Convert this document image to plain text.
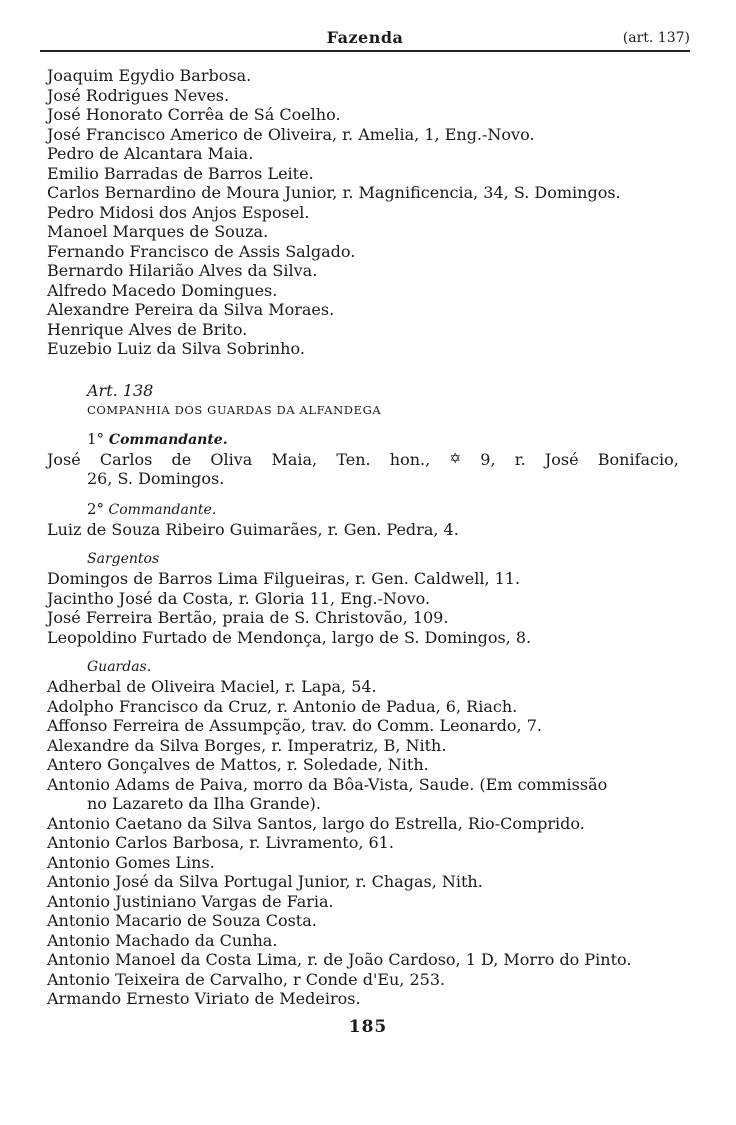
Fazenda	(art. 137)
Joaquim Egydio Barbosa.
José Rodrigues Neves.
José Honorato Corrêa de Sá Coelho.
José Francisco Americo de Oliveira, r. Amelia, 1, Eng.-Novo.
Pedro de Alcantara Maia.
Emilio Barradas de Barros Leite.
Carlos Bernardino de Moura Junior, r. Magnificencia, 34, S. Domingos.
Pedro Midosi dos Anjos Esposel.
Manoel Marques de Souza.
Fernando Francisco de Assis Salgado.
Bernardo Hilarião Alves da Silva.
Alfredo Macedo Domingues.
Alexandre Pereira da Silva Moraes.
Henrique Alves de Brito.
Euzebio Luiz da Silva Sobrinho.
Art. 138
COMPANHIA DOS GUARDAS DA ALFANDEGA
1° Commandante.
José Carlos de Oliva Maia, Ten. hon., ✡ 9, r. José Bonifacio,
26, S. Domingos.
2° Commandante.
Luiz de Souza Ribeiro Guimarães, r. Gen. Pedra, 4.
Sargentos
Domingos de Barros Lima Filgueiras, r. Gen. Caldwell, 11.
Jacintho José da Costa, r. Gloria 11, Eng.-Novo.
José Ferreira Bertão, praia de S. Christovão, 109.
Leopoldino Furtado de Mendonça, largo de S. Domingos, 8.
Guardas.
Adherbal de Oliveira Maciel, r. Lapa, 54.
Adolpho Francisco da Cruz, r. Antonio de Padua, 6, Riach.
Affonso Ferreira de Assumpção, trav. do Comm. Leonardo, 7.
Alexandre da Silva Borges, r. Imperatriz, B, Nith.
Antero Gonçalves de Mattos, r. Soledade, Nith.
Antonio Adams de Paiva, morro da Bôa-Vista, Saude. (Em commissão
no Lazareto da Ilha Grande).
Antonio Caetano da Silva Santos, largo do Estrella, Rio-Comprido.
Antonio Carlos Barbosa, r. Livramento, 61.
Antonio Gomes Lins.
Antonio José da Silva Portugal Junior, r. Chagas, Nith.
Antonio Justiniano Vargas de Faria.
Antonio Macario de Souza Costa.
Antonio Machado da Cunha.
Antonio Manoel da Costa Lima, r. de João Cardoso, 1 D, Morro do Pinto.
Antonio Teixeira de Carvalho, r Conde d'Eu, 253.
Armando Ernesto Viriato de Medeiros.
185
